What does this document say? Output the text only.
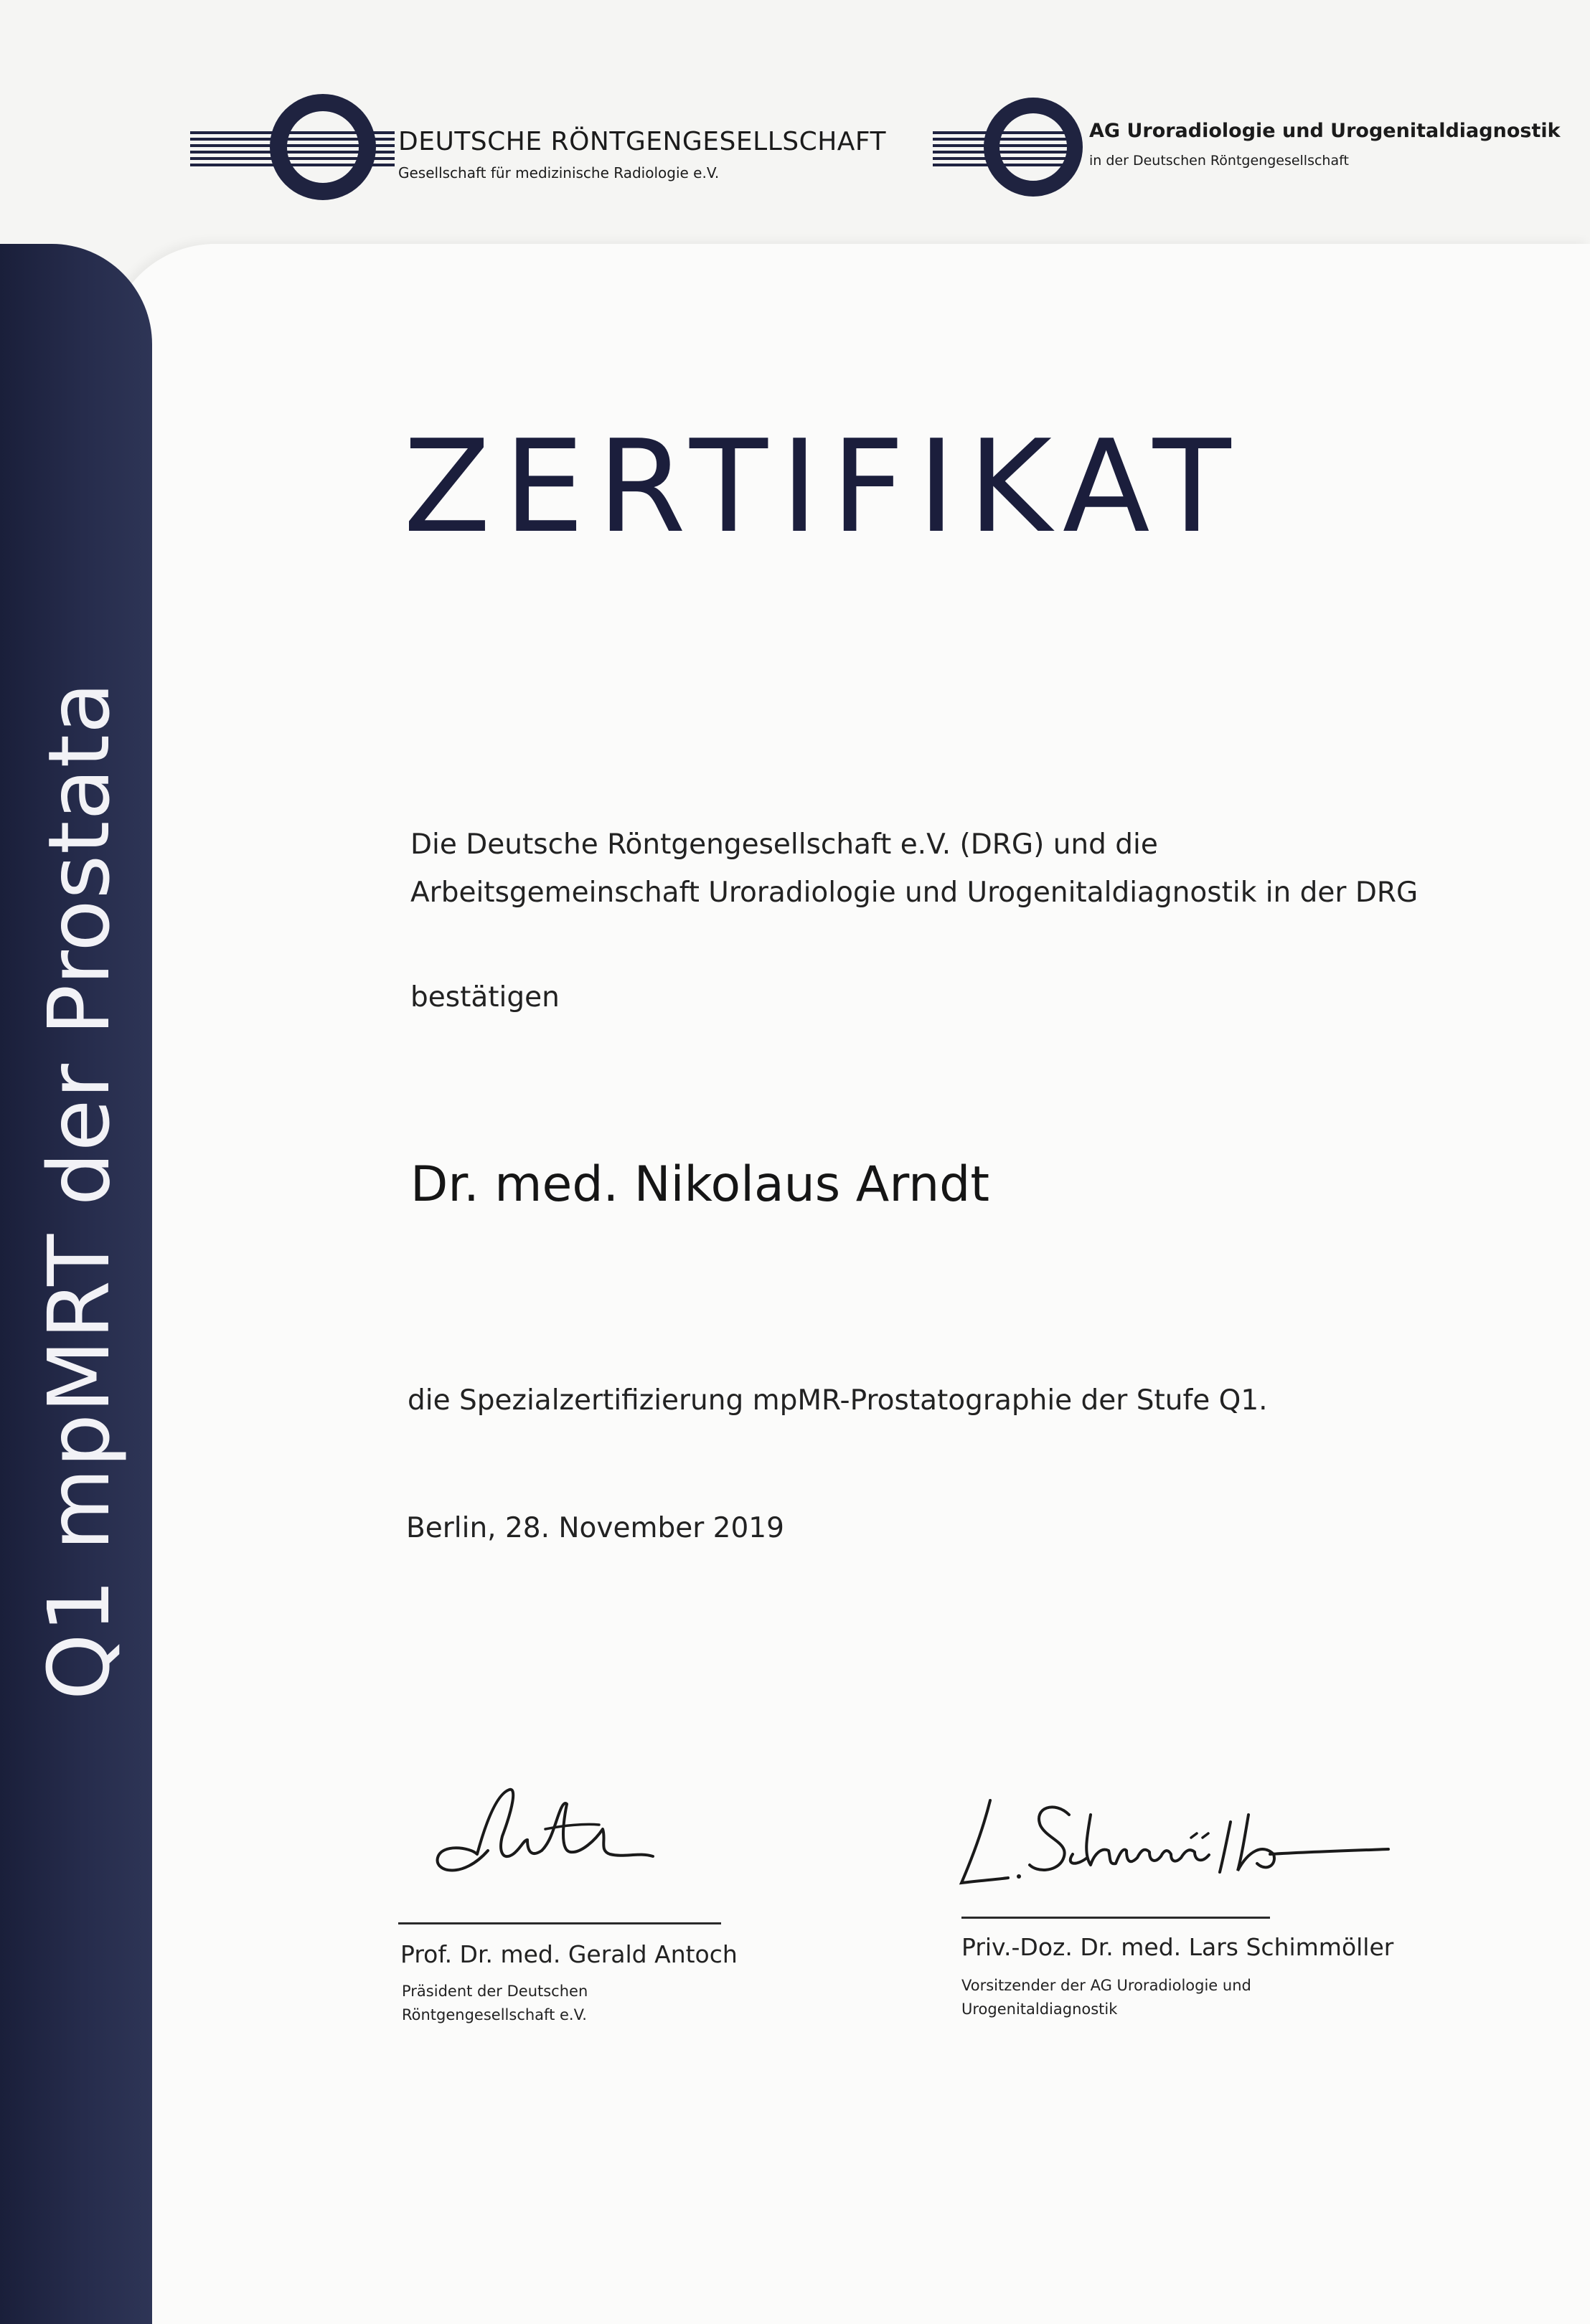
Q1 mpMRT der Prostata
DEUTSCHE RÖNTGENGESELLSCHAFT
Gesellschaft für medizinische Radiologie e.V.
AG Uroradiologie und Urogenitaldiagnostik
in der Deutschen Röntgengesellschaft
ZERTIFIKAT
Die Deutsche Röntgengesellschaft e.V. (DRG) und die
Arbeitsgemeinschaft Uroradiologie und Urogenitaldiagnostik in der DRG
bestätigen
Dr. med. Nikolaus Arndt
die Spezialzertifizierung mpMR-Prostatographie der Stufe Q1.
Berlin, 28. November 2019
Prof. Dr. med. Gerald Antoch
Präsident der Deutschen
Röntgengesellschaft e.V.
Priv.-Doz. Dr. med. Lars Schimmöller
Vorsitzender der AG Uroradiologie und
Urogenitaldiagnostik
